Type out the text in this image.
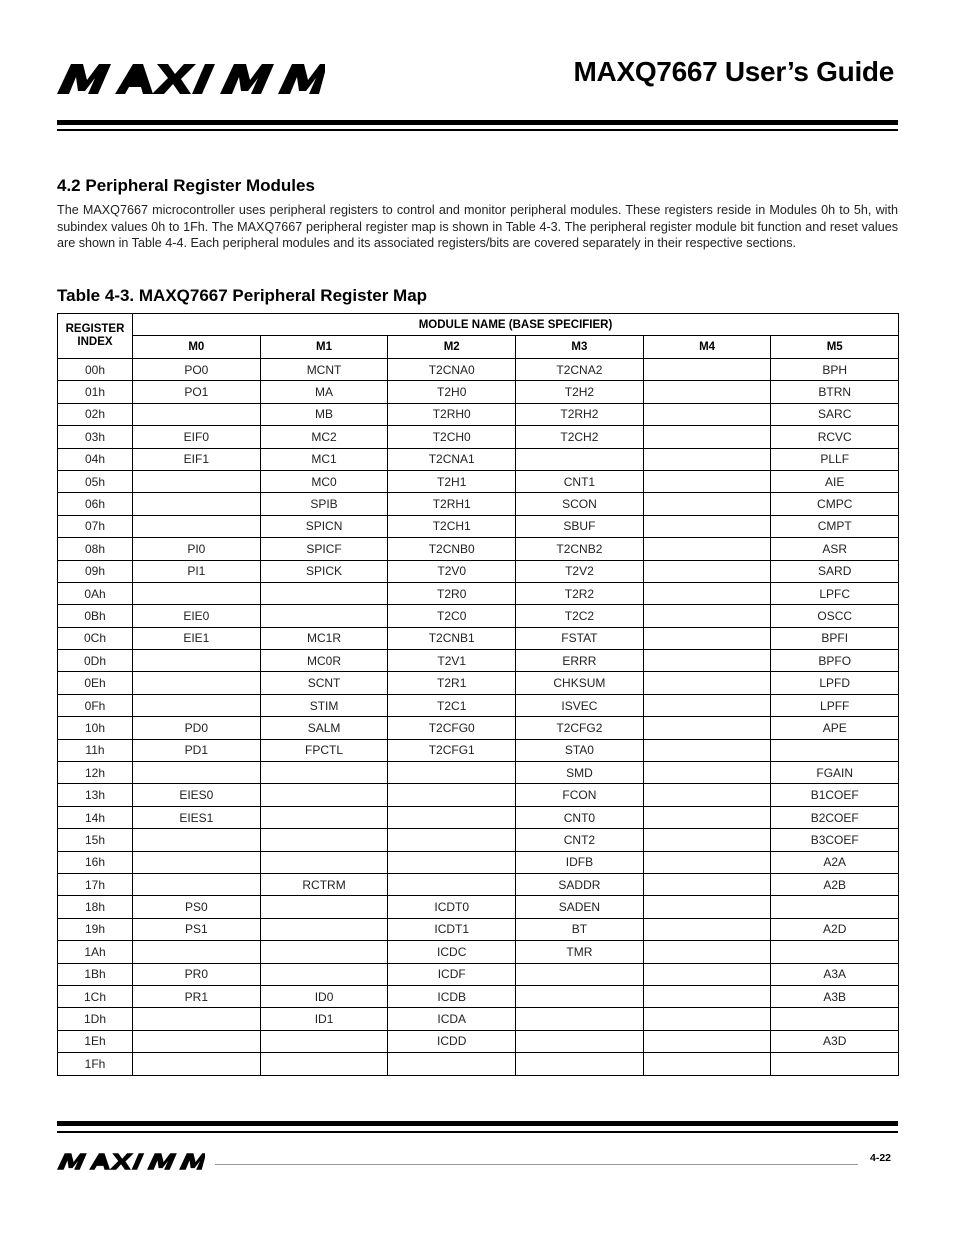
MAXQ7667 User’s Guide
4.2 Peripheral Register Modules
The MAXQ7667 microcontroller uses peripheral registers to control and monitor peripheral modules. These registers reside in Modules 0h to 5h, with subindex values 0h to 1Fh. The MAXQ7667 peripheral register map is shown in Table 4-3. The peripheral register module bit function and reset values are shown in Table 4-4. Each peripheral modules and its associated registers/bits are covered separately in their respective sections.
Table 4-3. MAXQ7667 Peripheral Register Map
REGISTER INDEX	MODULE NAME (BASE SPECIFIER)					
	M0	M1	M2	M3	M4	M5
00h	PO0	MCNT	T2CNA0	T2CNA2		BPH
01h	PO1	MA	T2H0	T2H2		BTRN
02h		MB	T2RH0	T2RH2		SARC
03h	EIF0	MC2	T2CH0	T2CH2		RCVC
04h	EIF1	MC1	T2CNA1			PLLF
05h		MC0	T2H1	CNT1		AIE
06h		SPIB	T2RH1	SCON		CMPC
07h		SPICN	T2CH1	SBUF		CMPT
08h	PI0	SPICF	T2CNB0	T2CNB2		ASR
09h	PI1	SPICK	T2V0	T2V2		SARD
0Ah			T2R0	T2R2		LPFC
0Bh	EIE0		T2C0	T2C2		OSCC
0Ch	EIE1	MC1R	T2CNB1	FSTAT		BPFI
0Dh		MC0R	T2V1	ERRR		BPFO
0Eh		SCNT	T2R1	CHKSUM		LPFD
0Fh		STIM	T2C1	ISVEC		LPFF
10h	PD0	SALM	T2CFG0	T2CFG2		APE
11h	PD1	FPCTL	T2CFG1	STA0		
12h				SMD		FGAIN
13h	EIES0			FCON		B1COEF
14h	EIES1			CNT0		B2COEF
15h				CNT2		B3COEF
16h				IDFB		A2A
17h		RCTRM		SADDR		A2B
18h	PS0		ICDT0	SADEN		
19h	PS1		ICDT1	BT		A2D
1Ah			ICDC	TMR		
1Bh	PR0		ICDF			A3A
1Ch	PR1	ID0	ICDB			A3B
1Dh		ID1	ICDA			
1Eh			ICDD			A3D
1Fh						
4-22
